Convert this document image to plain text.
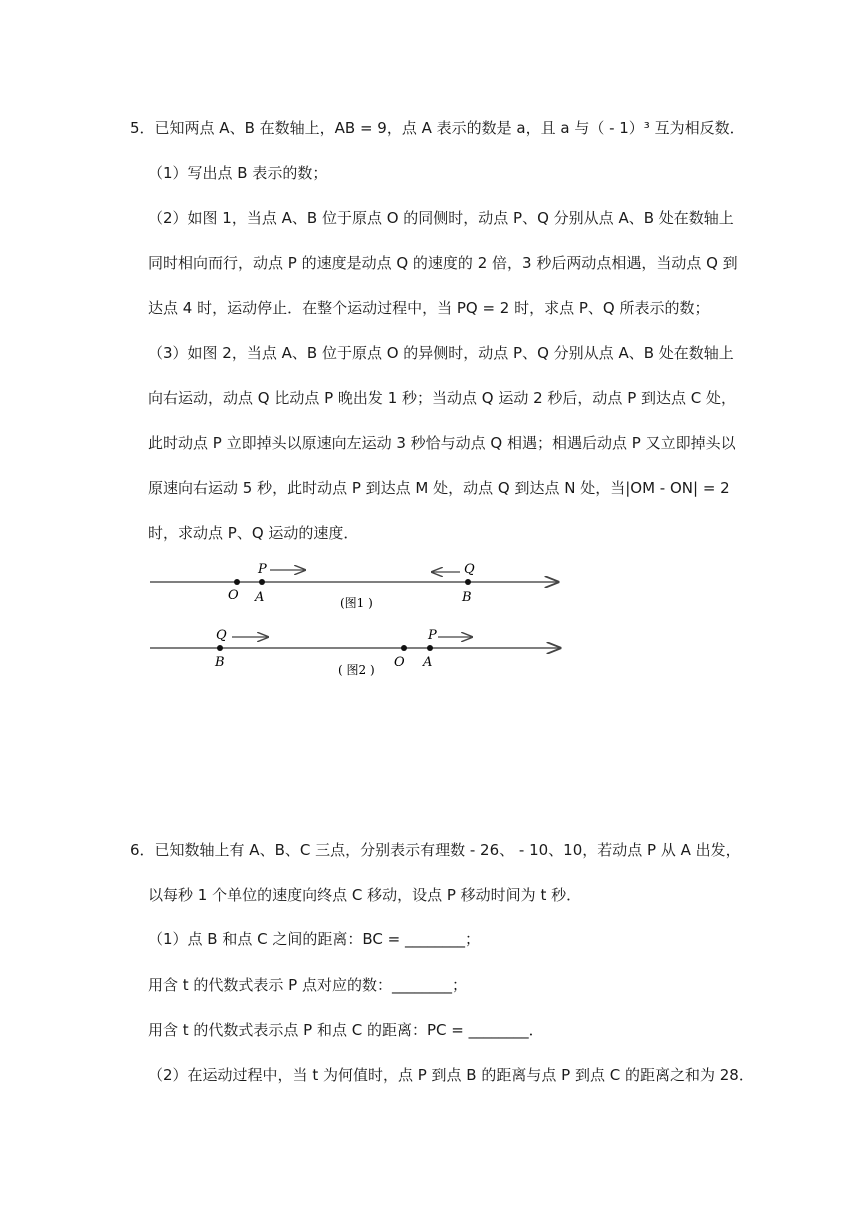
5．已知两点 A、B 在数轴上，AB = 9，点 A 表示的数是 a，且 a 与（ - 1）³ 互为相反数．
（1）写出点 B 表示的数；
（2）如图 1，当点 A、B 位于原点 O 的同侧时，动点 P、Q 分别从点 A、B 处在数轴上
同时相向而行，动点 P 的速度是动点 Q 的速度的 2 倍，3 秒后两动点相遇，当动点 Q 到
达点 4 时，运动停止．在整个运动过程中，当 PQ = 2 时，求点 P、Q 所表示的数；
（3）如图 2，当点 A、B 位于原点 O 的异侧时，动点 P、Q 分别从点 A、B 处在数轴上
向右运动，动点 Q 比动点 P 晚出发 1 秒；当动点 Q 运动 2 秒后，动点 P 到达点 C 处，
此时动点 P 立即掉头以原速向左运动 3 秒恰与动点 Q 相遇；相遇后动点 P 又立即掉头以
原速向右运动 5 秒，此时动点 P 到达点 M 处，动点 Q 到达点 N 处，当|OM - ON| = 2
时，求动点 P、Q 运动的速度．
O A	B
P	Q
(图1 )
B	O A
Q	P
( 图2 )
6．已知数轴上有 A、B、C 三点，分别表示有理数 - 26、 - 10、10，若动点 P 从 A 出发，
以每秒 1 个单位的速度向终点 C 移动，设点 P 移动时间为 t 秒．
（1）点 B 和点 C 之间的距离：BC = ________；
用含 t 的代数式表示 P 点对应的数：________；
用含 t 的代数式表示点 P 和点 C 的距离：PC = ________．
（2）在运动过程中，当 t 为何值时，点 P 到点 B 的距离与点 P 到点 C 的距离之和为 28．
